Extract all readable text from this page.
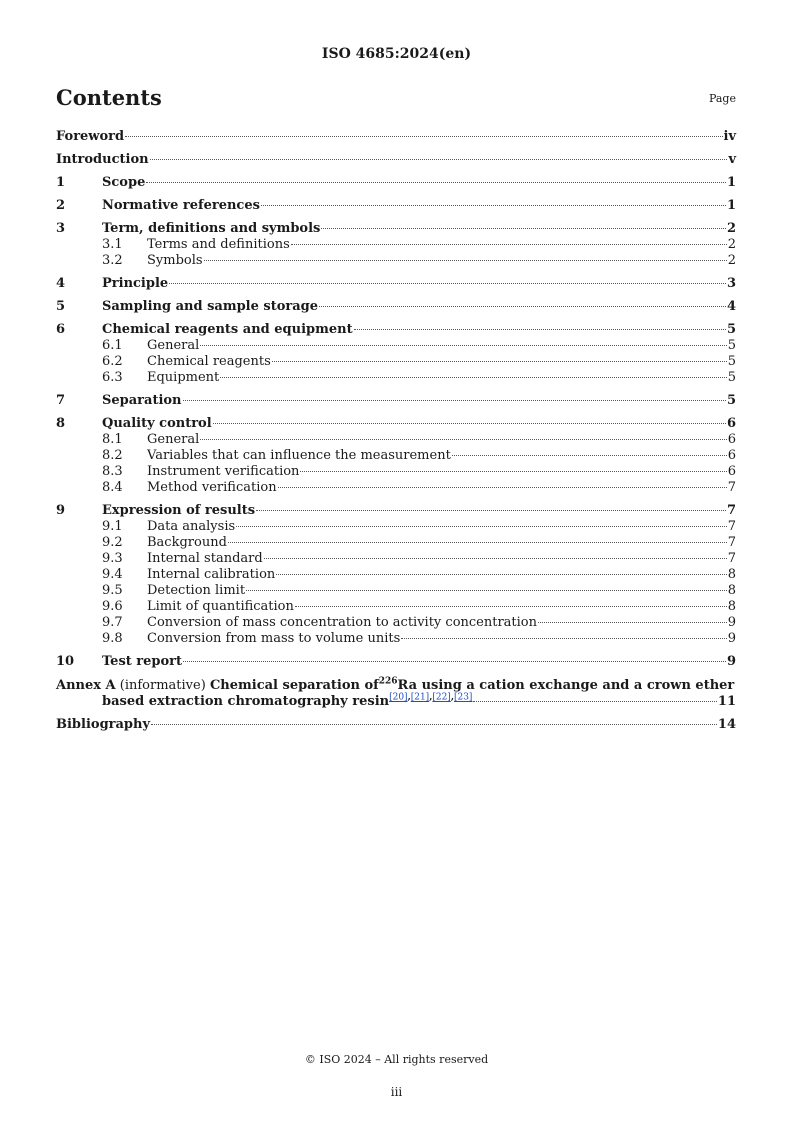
ISO 4685:2024(en)
Contents	Page
Foreword	iv
Introduction	v
1	Scope	1
2	Normative references	1
3	Term, definitions and symbols	2
3.1	Terms and definitions	2
3.2	Symbols	2
4	Principle	3
5	Sampling and sample storage	4
6	Chemical reagents and equipment	5
6.1	General	5
6.2	Chemical reagents	5
6.3	Equipment	5
7	Separation	5
8	Quality control	6
8.1	General	6
8.2	Variables that can influence the measurement	6
8.3	Instrument verification	6
8.4	Method verification	7
9	Expression of results	7
9.1	Data analysis	7
9.2	Background	7
9.3	Internal standard	7
9.4	Internal calibration	8
9.5	Detection limit	8
9.6	Limit of quantification	8
9.7	Conversion of mass concentration to activity concentration	9
9.8	Conversion from mass to volume units	9
10	Test report	9
Annex A (informative) Chemical separation $of^{226}Ra$ using a cation exchange and a crown ether
based extraction chromatography resin[20],[21],[22],[23]	11
Bibliography	14
© ISO 2024 – All rights reserved
iii
